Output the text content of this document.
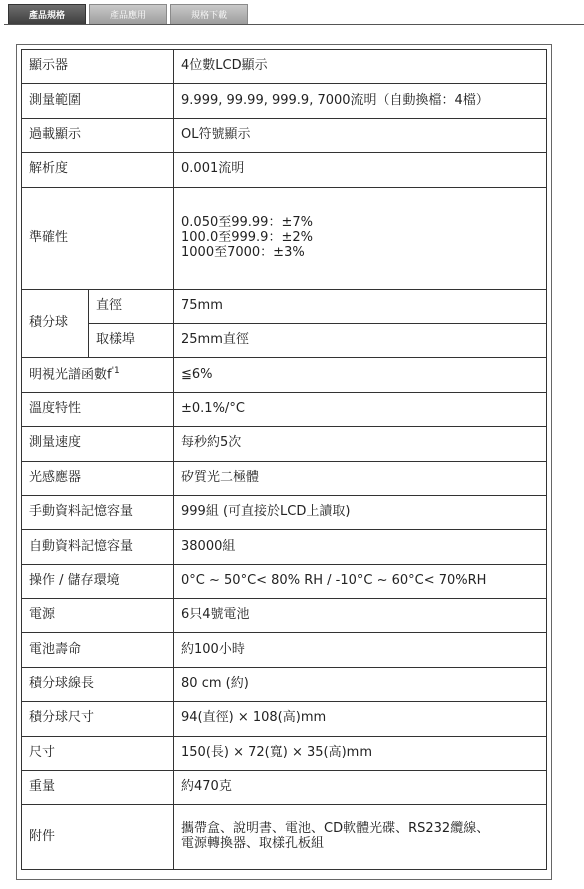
產品規格	產品應用	規格下載
顯示器		4位數LCD顯示
測量範圍		9.999, 99.99, 999.9, 7000流明（自動換檔：4檔）
過載顯示		OL符號顯示
解析度		0.001流明
準確性		0.050至99.99：±7%
100.0至999.9：±2%
1000至7000：±3%

積分球	直徑	75mm
	取樣埠	25mm直徑
明視光譜函數$f^{'1}$		≦6%
溫度特性		±0.1%/°C
測量速度		每秒約5次
光感應器		矽質光二極體
手動資料記憶容量		999組 (可直接於LCD上讀取)
自動資料記憶容量		38000組
操作 / 儲存環境		0°C ~ 50°C< 80% RH / -10°C ~ 60°C< 70%RH
電源		6只4號電池
電池壽命		約100小時
積分球線長		80 cm (約)
積分球尺寸		94(直徑) × 108(高)mm
尺寸		150(長) × 72(寬) × 35(高)mm
重量		約470克
附件		攜帶盒、說明書、電池、CD軟體光碟、RS232纜線、
電源轉換器、取樣孔板組
